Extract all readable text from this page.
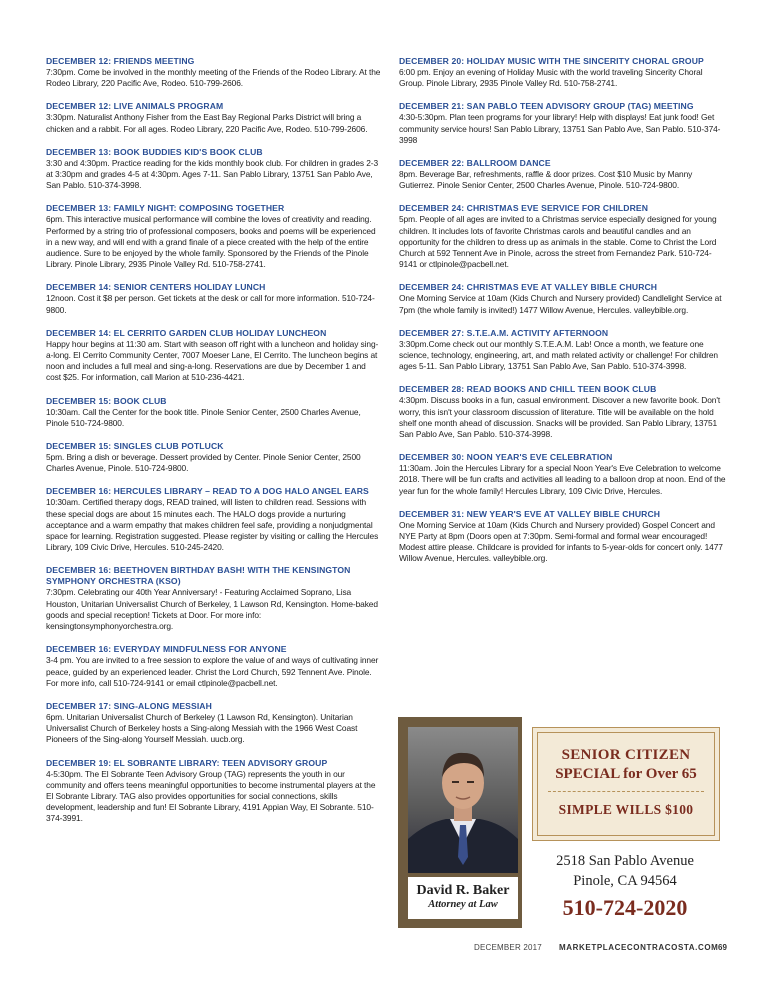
DECEMBER 12: FRIENDS MEETING
7:30pm. Come be involved in the monthly meeting of the Friends of the Rodeo Library. At the Rodeo Library, 220 Pacific Ave, Rodeo. 510-799-2606.
DECEMBER 12: LIVE ANIMALS PROGRAM
3:30pm. Naturalist Anthony Fisher from the East Bay Regional Parks District will bring a chicken and a rabbit. For all ages. Rodeo Library, 220 Pacific Ave, Rodeo. 510-799-2606.
DECEMBER 13: BOOK BUDDIES KID'S BOOK CLUB
3:30 and 4:30pm. Practice reading for the kids monthly book club. For children in grades 2-3 at 3:30pm and grades 4-5 at 4:30pm. Ages 7-11. San Pablo Library, 13751 San Pablo Ave, San Pablo. 510-374-3998.
DECEMBER 13: FAMILY NIGHT: COMPOSING TOGETHER
6pm. This interactive musical performance will combine the loves of creativity and reading. Performed by a string trio of professional composers, books and poems will be experienced in a new way, and will end with a grand finale of a piece created with the help of the entire audience. Sure to be enjoyed by the whole family. Sponsored by the Friends of the Pinole Library. Pinole Library, 2935 Pinole Valley Rd. 510-758-2741.
DECEMBER 14: SENIOR CENTERS HOLIDAY LUNCH
12noon. Cost it $8 per person. Get tickets at the desk or call for more information. 510-724-9800.
DECEMBER 14: EL CERRITO GARDEN CLUB HOLIDAY LUNCHEON
Happy hour begins at 11:30 am. Start with season off right with a luncheon and holiday sing-a-long. El Cerrito Community Center, 7007 Moeser Lane, El Cerrito. The luncheon begins at noon and includes a full meal and sing-a-long. Reservations are due by December 1 and cost $25. For information, call Marion at 510-236-4421.
DECEMBER 15: BOOK CLUB
10:30am. Call the Center for the book title. Pinole Senior Center, 2500 Charles Avenue, Pinole 510-724-9800.
DECEMBER 15: SINGLES CLUB POTLUCK
5pm. Bring a dish or beverage. Dessert provided by Center. Pinole Senior Center, 2500 Charles Avenue, Pinole. 510-724-9800.
DECEMBER 16: HERCULES LIBRARY – READ TO A DOG HALO ANGEL EARS
10:30am. Certified therapy dogs, READ trained, will listen to children read. Sessions with these special dogs are about 15 minutes each. The HALO dogs provide a nurturing acceptance and a warm empathy that makes children feel safe, providing a nonjudgmental space for learning. Registration suggested. Please register by visiting or calling the Hercules Library, 109 Civic Drive, Hercules. 510-245-2420.
DECEMBER 16: BEETHOVEN BIRTHDAY BASH! WITH THE KENSINGTON SYMPHONY ORCHESTRA (KSO)
7:30pm. Celebrating our 40th Year Anniversary! - Featuring Acclaimed Soprano, Lisa Houston, Unitarian Universalist Church of Berkeley, 1 Lawson Rd, Kensington. Home-baked goods and special reception! Tickets at Door. For more info: kensingtonsymphonyorchestra.org.
DECEMBER 16: EVERYDAY MINDFULNESS FOR ANYONE
3-4 pm. You are invited to a free session to explore the value of and ways of cultivating inner peace, guided by an experienced leader. Christ the Lord Church, 592 Tennent Ave. Pinole. For more info, call 510-724-9141 or email ctlpinole@pacbell.net.
DECEMBER 17: SING-ALONG MESSIAH
6pm. Unitarian Universalist Church of Berkeley (1 Lawson Rd, Kensington). Unitarian Universalist Church of Berkeley hosts a Sing-along Messiah with the 1966 West Coast Pioneers of the Sing-along Yourself Messiah. uucb.org.
DECEMBER 19: EL SOBRANTE LIBRARY: TEEN ADVISORY GROUP
4-5:30pm. The El Sobrante Teen Advisory Group (TAG) represents the youth in our community and offers teens meaningful opportunities to become instrumental players at the El Sobrante Library. TAG also provides opportunities for social connections, skills development, leadership and fun! El Sobrante Library, 4191 Appian Way, El Sobrante. 510-374-3991.
DECEMBER 20: HOLIDAY MUSIC WITH THE SINCERITY CHORAL GROUP
6:00 pm. Enjoy an evening of Holiday Music with the world traveling Sincerity Choral Group. Pinole Library, 2935 Pinole Valley Rd. 510-758-2741.
DECEMBER 21: SAN PABLO TEEN ADVISORY GROUP (TAG) MEETING
4:30-5:30pm. Plan teen programs for your library! Help with displays! Eat junk food! Get community service hours! San Pablo Library, 13751 San Pablo Ave, San Pablo. 510-374-3998
DECEMBER 22: BALLROOM DANCE
8pm. Beverage Bar, refreshments, raffle & door prizes. Cost $10 Music by Manny Gutierrez. Pinole Senior Center, 2500 Charles Avenue, Pinole. 510-724-9800.
DECEMBER 24: CHRISTMAS EVE SERVICE FOR CHILDREN
5pm. People of all ages are invited to a Christmas service especially designed for young children. It includes lots of favorite Christmas carols and beautiful candles and an opportunity for the children to dress up as animals in the stable. Come to Christ the Lord Church at 592 Tennent Ave in Pinole, across the street from Fernandez Park. 510-724-9141 or ctlpinole@pacbell.net.
DECEMBER 24: CHRISTMAS EVE AT VALLEY BIBLE CHURCH
One Morning Service at 10am (Kids Church and Nursery provided) Candlelight Service at 7pm (the whole family is invited!) 1477 Willow Avenue, Hercules. valleybible.org.
DECEMBER 27: S.T.E.A.M. ACTIVITY AFTERNOON
3:30pm.Come check out our monthly S.T.E.A.M. Lab! Once a month, we feature one science, technology, engineering, art, and math related activity or challenge! For children ages 5-11. San Pablo Library, 13751 San Pablo Ave, San Pablo. 510-374-3998.
DECEMBER 28: READ BOOKS AND CHILL TEEN BOOK CLUB
4:30pm. Discuss books in a fun, casual environment. Discover a new favorite book. Don't worry, this isn't your classroom discussion of literature. Title will be available on the hold shelf one month ahead of discussion. Snacks will be provided. San Pablo Library, 13751 San Pablo Ave, San Pablo. 510-374-3998.
DECEMBER 30: NOON YEAR'S EVE CELEBRATION
11:30am. Join the Hercules Library for a special Noon Year's Eve Celebration to welcome 2018. There will be fun crafts and activities all leading to a balloon drop at noon. End of the year fun for the whole family! Hercules Library, 109 Civic Drive, Hercules.
DECEMBER 31: NEW YEAR'S EVE AT VALLEY BIBLE CHURCH
One Morning Service at 10am (Kids Church and Nursery provided) Gospel Concert and NYE Party at 8pm (Doors open at 7:30pm. Semi-formal and formal wear encouraged! Modest attire please. Childcare is provided for infants to 5-year-olds for concert only. 1477 Willow Avenue, Hercules. valleybible.org.
David R. Baker
Attorney at Law
SENIOR CITIZEN
SPECIAL for Over 65
SIMPLE WILLS $100
2518 San Pablo Avenue
Pinole, CA 94564
510-724-2020
DECEMBER 2017 MARKETPLACECONTRACOSTA.COM 69
